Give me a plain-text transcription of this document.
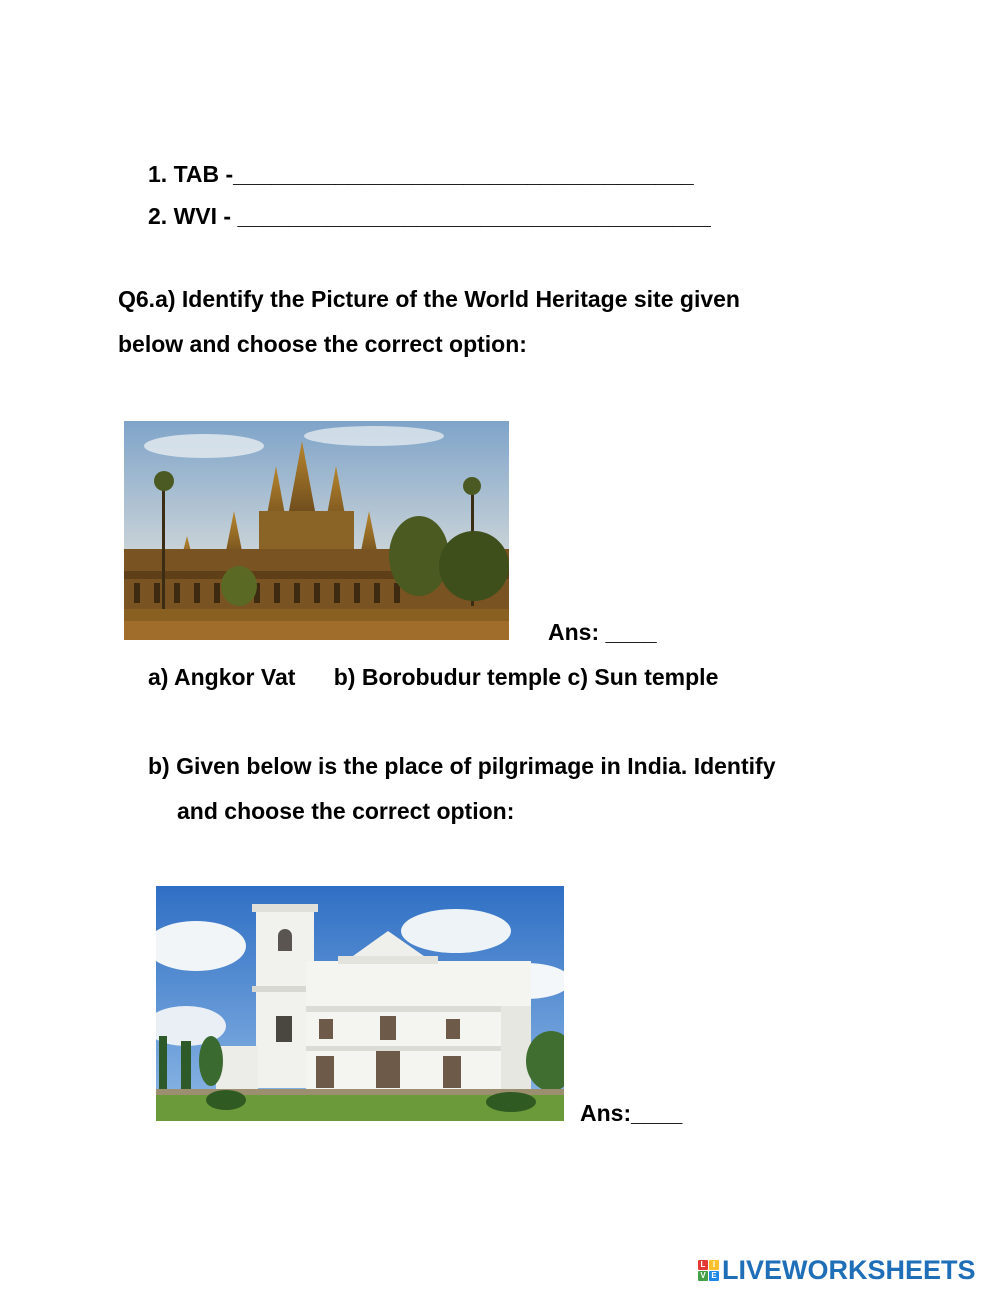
1. TAB -____________________________________
2. WVI - _____________________________________
Q6.a) Identify the Picture of the World Heritage site given
below and choose the correct option:
Ans: ____
a) Angkor Vat      b) Borobudur temple c) Sun temple
b) Given below is the place of pilgrimage in India. Identify
and choose the correct option:
Ans:____
L I
V E LIVEWORKSHEETS
